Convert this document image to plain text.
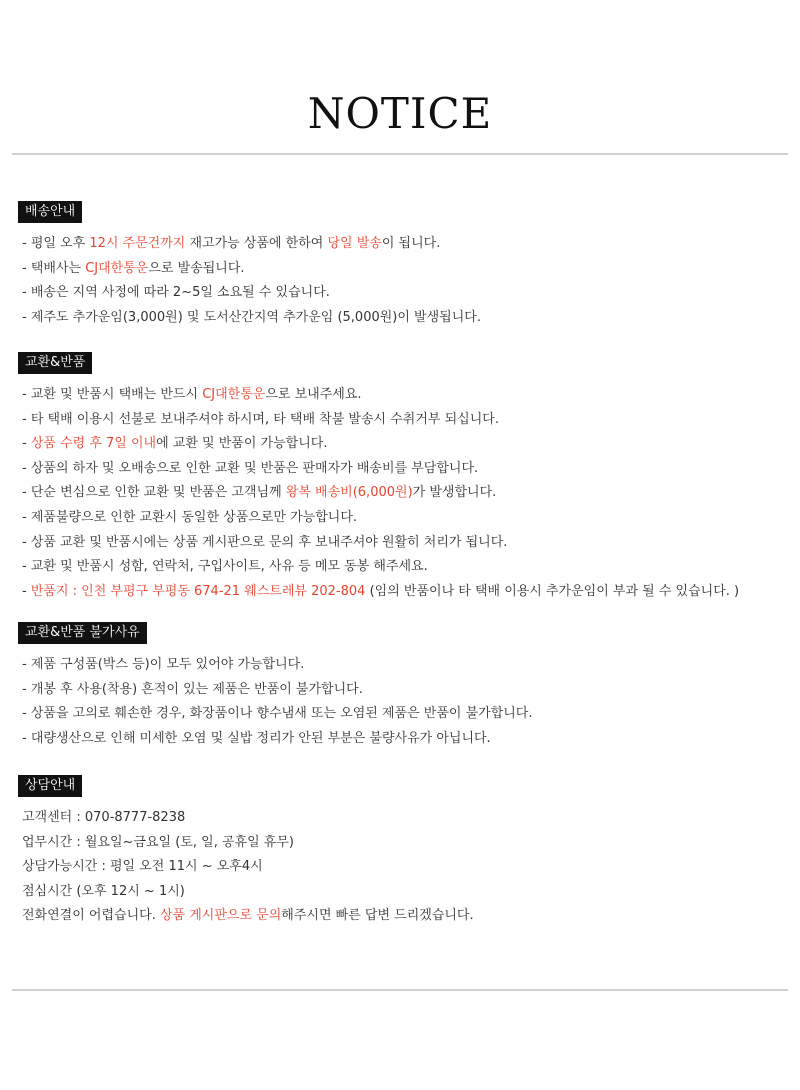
NOTICE
배송안내
- 평일 오후 12시 주문건까지 재고가능 상품에 한하여 당일 발송이 됩니다.
- 택배사는 CJ대한통운으로 발송됩니다.
- 배송은 지역 사정에 따라 2~5일 소요될 수 있습니다.
- 제주도 추가운임(3,000원) 및 도서산간지역 추가운임 (5,000원)이 발생됩니다.
교환&반품
- 교환 및 반품시 택배는 반드시 CJ대한통운으로 보내주세요.
- 타 택배 이용시 선불로 보내주셔야 하시며, 타 택배 착불 발송시 수취거부 되십니다.
- 상품 수령 후 7일 이내에 교환 및 반품이 가능합니다.
- 상품의 하자 및 오배송으로 인한 교환 및 반품은 판매자가 배송비를 부담합니다.
- 단순 변심으로 인한 교환 및 반품은 고객님께 왕복 배송비(6,000원)가 발생합니다.
- 제품불량으로 인한 교환시 동일한 상품으로만 가능합니다.
- 상품 교환 및 반품시에는 상품 게시판으로 문의 후 보내주셔야 원활히 처리가 됩니다.
- 교환 및 반품시 성함, 연락처, 구입사이트, 사유 등 메모 동봉 해주세요.
- 반품지 : 인천 부평구 부평동 674-21 웨스트레뷰 202-804 (임의 반품이나 타 택배 이용시 추가운임이 부과 될 수 있습니다. )
교환&반품 불가사유
- 제품 구성품(박스 등)이 모두 있어야 가능합니다.
- 개봉 후 사용(착용) 흔적이 있는 제품은 반품이 불가합니다.
- 상품을 고의로 훼손한 경우, 화장품이나 향수냄새 또는 오염된 제품은 반품이 불가합니다.
- 대량생산으로 인해 미세한 오염 및 실밥 정리가 안된 부분은 불량사유가 아닙니다.
상담안내
고객센터 : 070-8777-8238
업무시간 : 월요일~금요일 (토, 일, 공휴일 휴무)
상담가능시간 : 평일 오전 11시 ~ 오후4시
점심시간 (오후 12시 ~ 1시)
전화연결이 어렵습니다. 상품 게시판으로 문의해주시면 빠른 답변 드리겠습니다.
